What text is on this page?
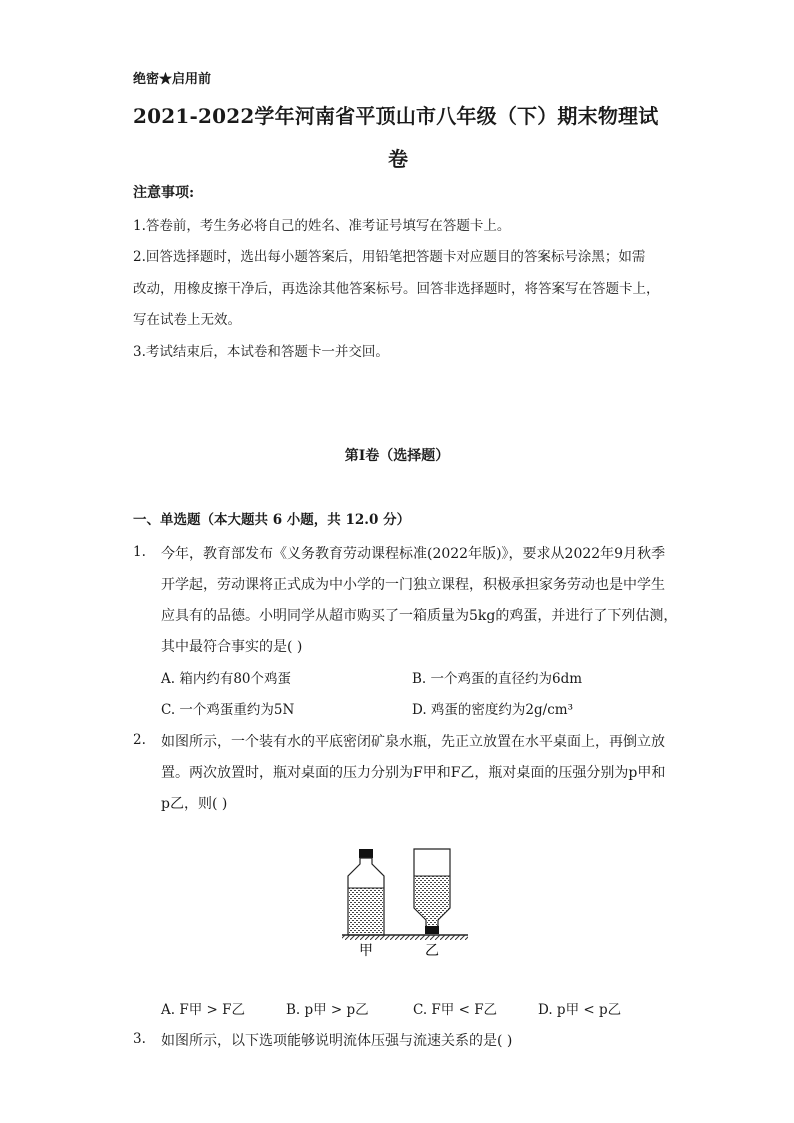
绝密★启用前
2021-2022学年河南省平顶山市八年级（下）期末物理试
卷
注意事项:
1.答卷前，考生务必将自己的姓名、准考证号填写在答题卡上。
2.回答选择题时，选出每小题答案后，用铅笔把答题卡对应题目的答案标号涂黑；如需
改动，用橡皮擦干净后，再选涂其他答案标号。回答非选择题时，将答案写在答题卡上，
写在试卷上无效。
3.考试结束后，本试卷和答题卡一并交回。
第Ⅰ卷（选择题）
一、单选题（本大题共 6 小题，共 12.0 分）
1. 今年，教育部发布《义务教育劳动课程标准(2022年版)》，要求从2022年9月秋季
开学起，劳动课将正式成为中小学的一门独立课程，积极承担家务劳动也是中学生
应具有的品德。小明同学从超市购买了一箱质量为5kg的鸡蛋，并进行了下列估测，
其中最符合事实的是( )
A. 箱内约有80个鸡蛋	B. 一个鸡蛋的直径约为6dm
C. 一个鸡蛋重约为5N	D. 鸡蛋的密度约为2g/cm³
2. 如图所示，一个装有水的平底密闭矿泉水瓶，先正立放置在水平桌面上，再倒立放
置。两次放置时，瓶对桌面的压力分别为F甲和F乙，瓶对桌面的压强分别为p甲和
p乙，则( )
甲	乙
A. F甲 > F乙	B. p甲 > p乙	C. F甲 < F乙	D. p甲 < p乙
3. 如图所示，以下选项能够说明流体压强与流速关系的是( )
